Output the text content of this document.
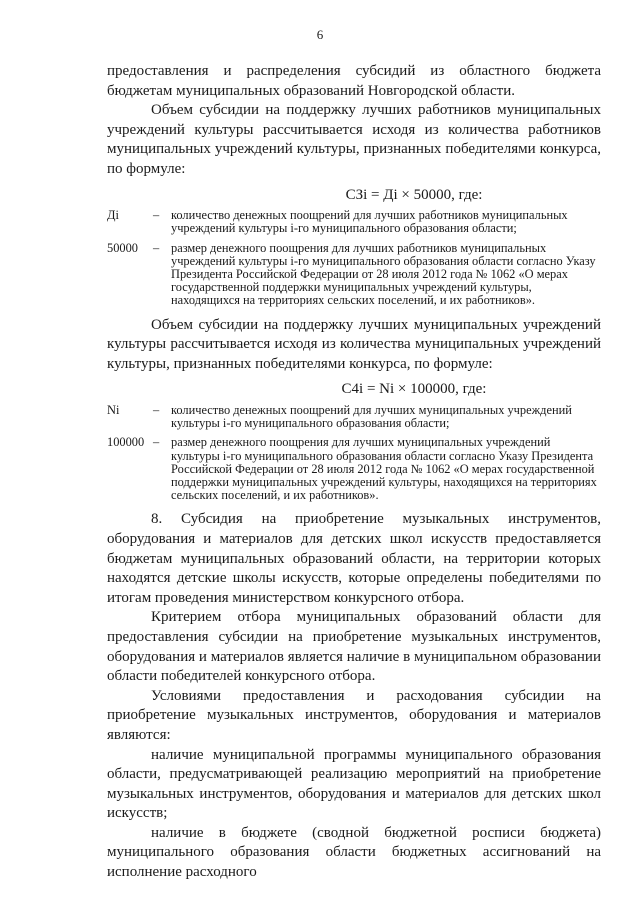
6

предоставления и распределения субсидий из областного бюджета бюджетам муниципальных образований Новгородской области.

Объем субсидии на поддержку лучших работников муниципальных учреждений культуры рассчитывается исходя из количества работников муниципальных учреждений культуры, признанных победителями конкурса, по формуле:

СЗi = Дi × 50000, где:
Дi	– количество денежных поощрений для лучших работников муниципальных учреждений культуры i-го муниципального образования области;
50000	– размер денежного поощрения для лучших работников муниципальных учреждений культуры i-го муниципального образования области согласно Указу Президента Российской Федерации от 28 июля 2012 года № 1062 «О мерах государственной поддержки муниципальных учреждений культуры, находящихся на территориях сельских поселений, и их работников».

Объем субсидии на поддержку лучших муниципальных учреждений культуры рассчитывается исходя из количества муниципальных учреждений культуры, признанных победителями конкурса, по формуле:

С4i = Ni × 100000, где:
Ni	– количество денежных поощрений для лучших муниципальных учреждений культуры i-го муниципального образования области;
100000 – размер денежного поощрения для лучших муниципальных учреждений культуры i-го муниципального образования области согласно Указу Президента Российской Федерации от 28 июля 2012 года № 1062 «О мерах государственной поддержки муниципальных учреждений культуры, находящихся на территориях сельских поселений, и их работников».

8. Субсидия на приобретение музыкальных инструментов, оборудования и материалов для детских школ искусств предоставляется бюджетам муниципальных образований области, на территории которых находятся детские школы искусств, которые определены победителями по итогам проведения министерством конкурсного отбора.

Критерием отбора муниципальных образований области для предоставления субсидии на приобретение музыкальных инструментов, оборудования и материалов является наличие в муниципальном образовании области победителей конкурсного отбора.

Условиями предоставления и расходования субсидии на приобретение музыкальных инструментов, оборудования и материалов являются:

наличие муниципальной программы муниципального образования области, предусматривающей реализацию мероприятий на приобретение музыкальных инструментов, оборудования и материалов для детских школ искусств;

наличие в бюджете (сводной бюджетной росписи бюджета) муниципального образования области бюджетных ассигнований на исполнение расходного
